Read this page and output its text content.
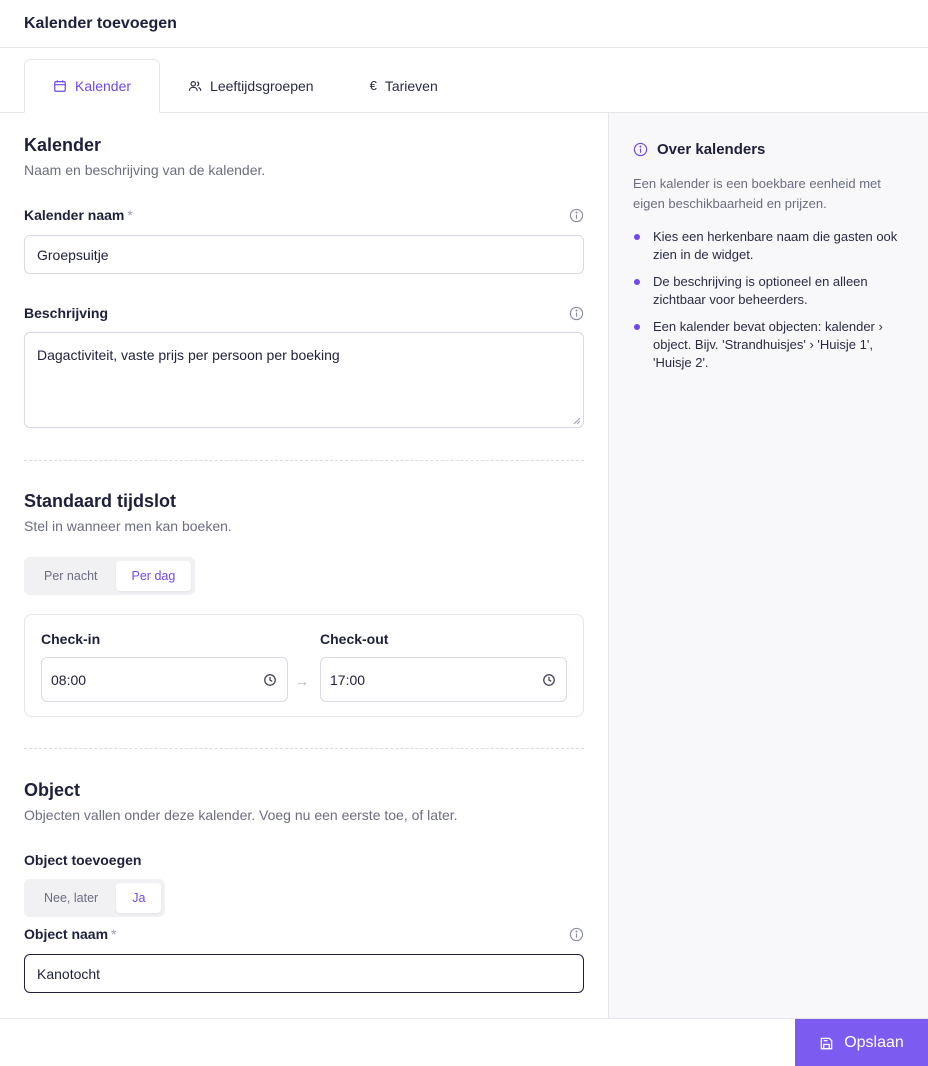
Kalender toevoegen
Kalender	Leeftijdsgroepen	€ Tarieven
Kalender
Naam en beschrijving van de kalender.
Kalender naam *
Groepsuitje
Beschrijving
Dagactiviteit, vaste prijs per persoon per boeking
Standaard tijdslot
Stel in wanneer men kan boeken.
Per nacht	Per dag
Check-in
08:00	→
Check-out
17:00
Object
Objecten vallen onder deze kalender. Voeg nu een eerste toe, of later.
Object toevoegen
Nee, later	Ja
Object naam *
Kanotocht
Over kalenders
Een kalender is een boekbare eenheid met eigen beschikbaarheid en prijzen.
Kies een herkenbare naam die gasten ook zien in de widget.
De beschrijving is optioneel en alleen zichtbaar voor beheerders.
Een kalender bevat objecten: kalender › object. Bijv. 'Strandhuisjes' › 'Huisje 1', 'Huisje 2'.
Opslaan
